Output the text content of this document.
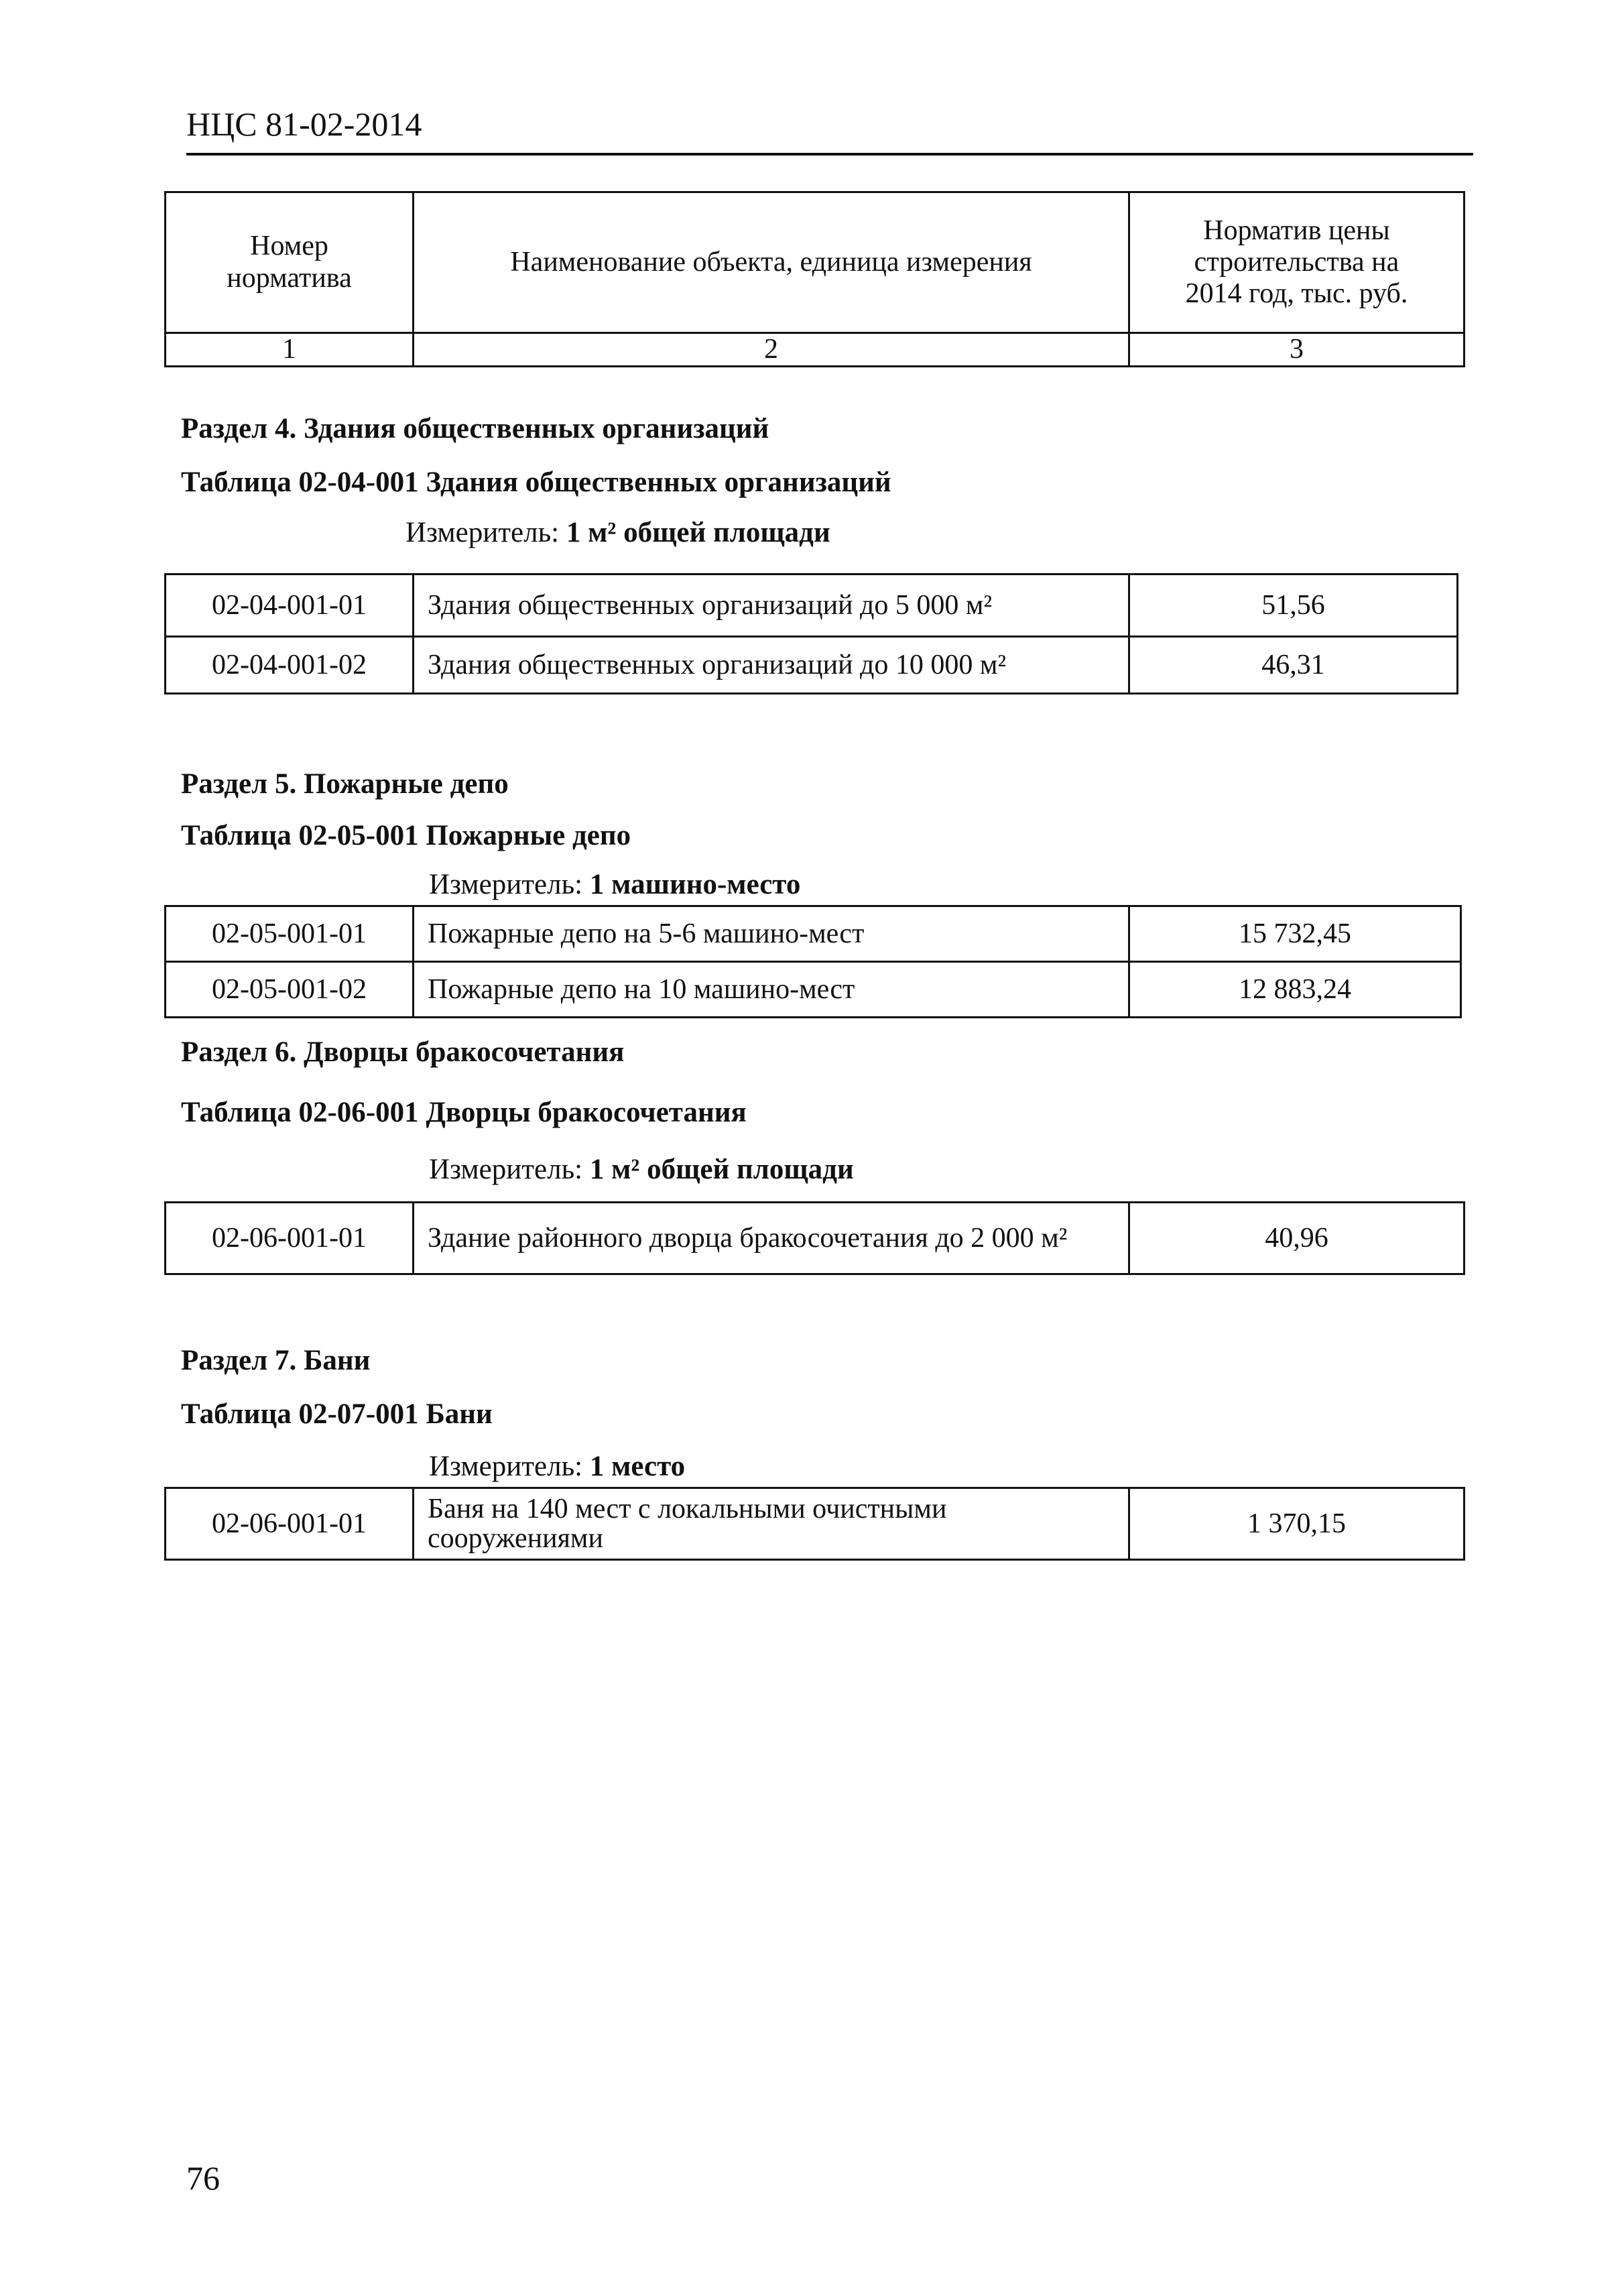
НЦС 81-02-2014
Номер норматива	Наименование объекта, единица измерения	Норматив цены строительства на 2014 год, тыс. руб.
1	2	3
Раздел 4. Здания общественных организаций
Таблица 02-04-001 Здания общественных организаций
Измеритель: 1 м² общей площади
02-04-001-01	Здания общественных организаций до 5 000 м²	51,56
02-04-001-02	Здания общественных организаций до 10 000 м²	46,31
Раздел 5. Пожарные депо
Таблица 02-05-001 Пожарные депо
Измеритель: 1 машино-место
02-05-001-01	Пожарные депо на 5-6 машино-мест	15 732,45
02-05-001-02	Пожарные депо на 10 машино-мест	12 883,24
Раздел 6. Дворцы бракосочетания
Таблица 02-06-001 Дворцы бракосочетания
Измеритель: 1 м² общей площади
02-06-001-01	Здание районного дворца бракосочетания до 2 000 м²	40,96
Раздел 7. Бани
Таблица 02-07-001 Бани
Измеритель: 1 место
02-06-001-01	Баня на 140 мест с локальными очистными сооружениями	1 370,15
76
